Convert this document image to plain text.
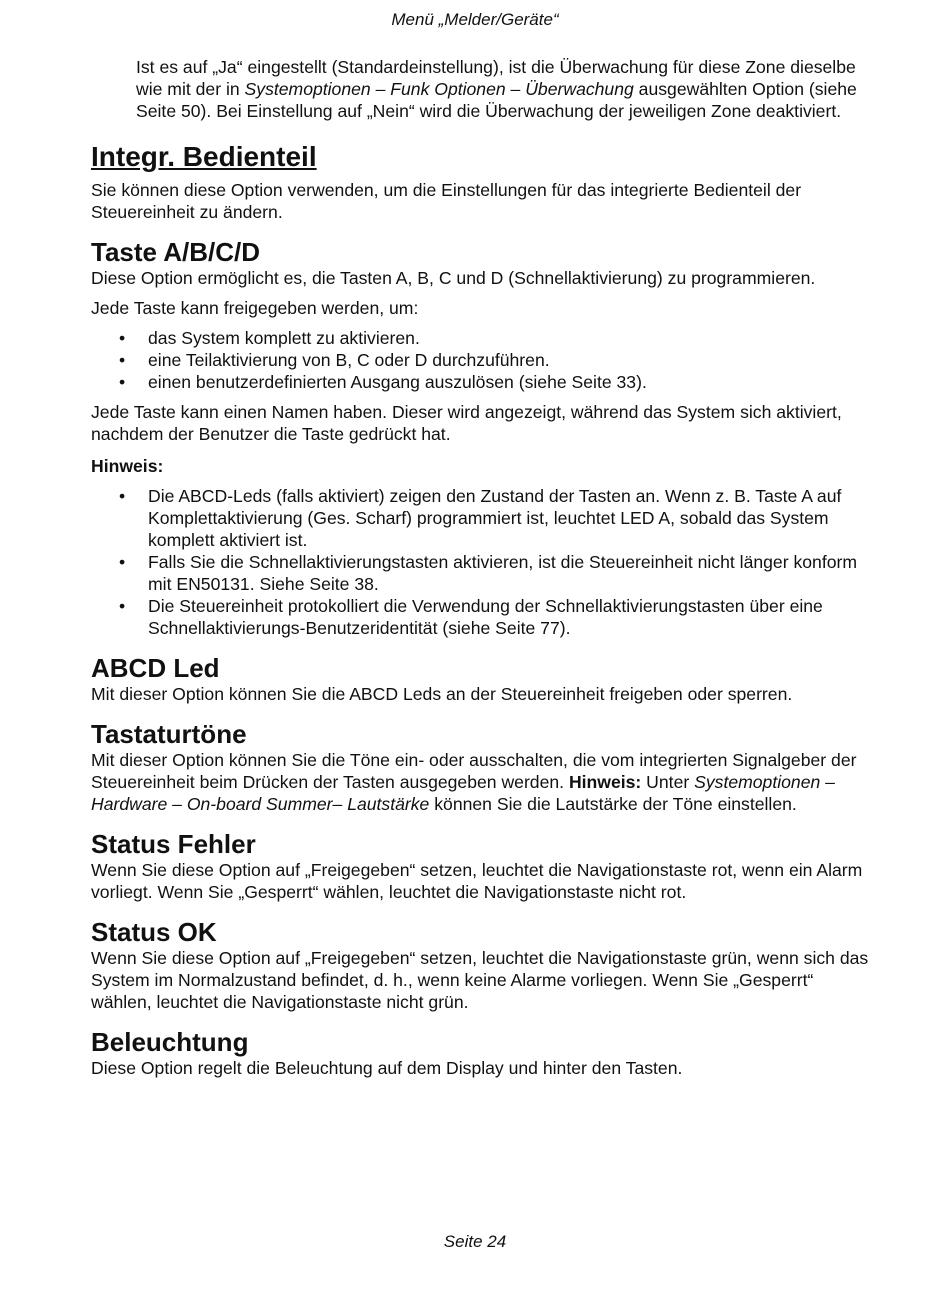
Menü „Melder/Geräte“

Ist es auf „Ja“ eingestellt (Standardeinstellung), ist die Überwachung für diese Zone dieselbe wie mit der in Systemoptionen – Funk Optionen – Überwachung ausgewählten Option (siehe Seite 50). Bei Einstellung auf „Nein“ wird die Überwachung der jeweiligen Zone deaktiviert.

Integr. Bedienteil

Sie können diese Option verwenden, um die Einstellungen für das integrierte Bedienteil der Steuereinheit zu ändern.

Taste A/B/C/D

Diese Option ermöglicht es, die Tasten A, B, C und D (Schnellaktivierung) zu programmieren.

Jede Taste kann freigegeben werden, um:

• das System komplett zu aktivieren.
• eine Teilaktivierung von B, C oder D durchzuführen.
• einen benutzerdefinierten Ausgang auszulösen (siehe Seite 33).

Jede Taste kann einen Namen haben. Dieser wird angezeigt, während das System sich aktiviert, nachdem der Benutzer die Taste gedrückt hat.

Hinweis:

• Die ABCD-Leds (falls aktiviert) zeigen den Zustand der Tasten an. Wenn z. B. Taste A auf Komplettaktivierung (Ges. Scharf) programmiert ist, leuchtet LED A, sobald das System komplett aktiviert ist.
• Falls Sie die Schnellaktivierungstasten aktivieren, ist die Steuereinheit nicht länger konform mit EN50131. Siehe Seite 38.
• Die Steuereinheit protokolliert die Verwendung der Schnellaktivierungstasten über eine Schnellaktivierungs-Benutzeridentität (siehe Seite 77).
ABCD Led

Mit dieser Option können Sie die ABCD Leds an der Steuereinheit freigeben oder sperren.

Tastaturtöne

Mit dieser Option können Sie die Töne ein- oder ausschalten, die vom integrierten Signalgeber der Steuereinheit beim Drücken der Tasten ausgegeben werden. Hinweis: Unter Systemoptionen – Hardware – On-board Summer– Lautstärke können Sie die Lautstärke der Töne einstellen.

Status Fehler

Wenn Sie diese Option auf „Freigegeben“ setzen, leuchtet die Navigationstaste rot, wenn ein Alarm vorliegt. Wenn Sie „Gesperrt“ wählen, leuchtet die Navigationstaste nicht rot.

Status OK

Wenn Sie diese Option auf „Freigegeben“ setzen, leuchtet die Navigationstaste grün, wenn sich das System im Normalzustand befindet, d. h., wenn keine Alarme vorliegen. Wenn Sie „Gesperrt“ wählen, leuchtet die Navigationstaste nicht grün.

Beleuchtung

Diese Option regelt die Beleuchtung auf dem Display und hinter den Tasten.

Seite 24
